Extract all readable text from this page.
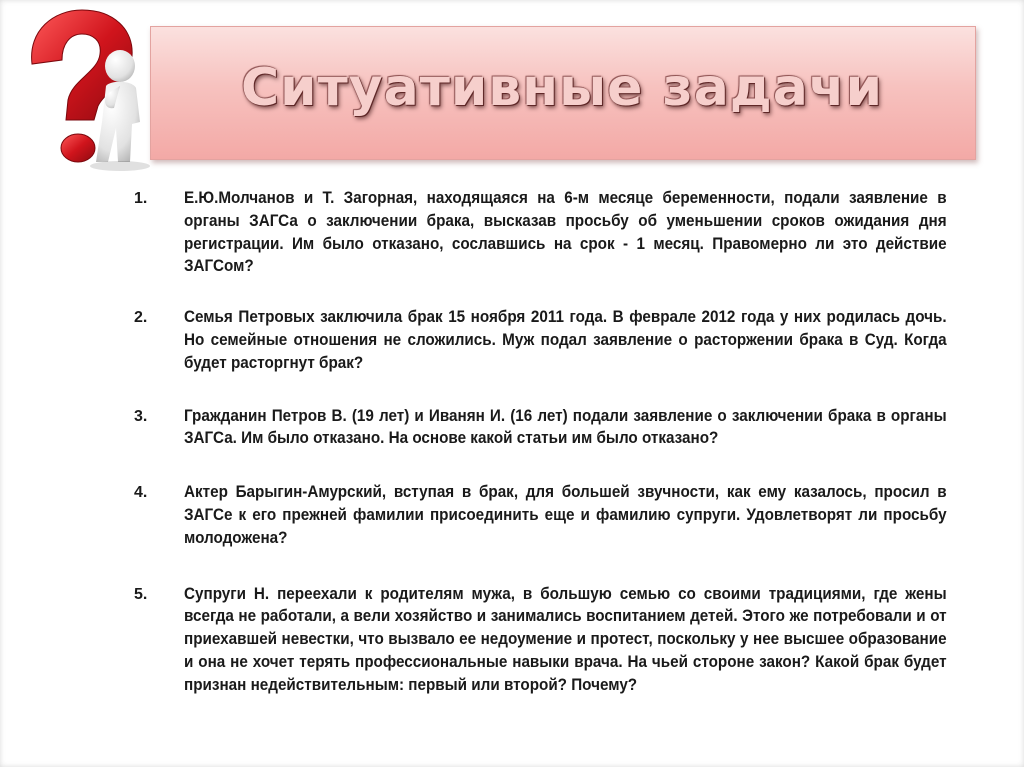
Ситуативные задачи
1.	Е.Ю.Молчанов и Т. Загорная, находящаяся на 6-м месяце беременности, подали заявление в органы ЗАГСа о заключении брака, высказав просьбу об уменьшении сроков ожидания дня регистрации. Им было отказано, сославшись на срок - 1 месяц. Правомерно ли это действие ЗАГСом?
2.	Семья Петровых заключила брак 15 ноября 2011 года. В феврале 2012 года у них родилась дочь. Но семейные отношения не сложились. Муж подал заявление о расторжении брака в Суд. Когда будет расторгнут брак?
3.	Гражданин Петров В. (19 лет) и Иванян И. (16 лет) подали заявление о заключении брака в органы ЗАГСа. Им было отказано. На основе какой статьи им было отказано?
4.	Актер Барыгин-Амурский, вступая в брак, для большей звучности, как ему казалось, просил в ЗАГСе к его прежней фамилии присоединить еще и фамилию супруги. Удовлетворят ли просьбу молодожена?
5.	Супруги Н. переехали к родителям мужа, в большую семью со своими традициями, где жены всегда не работали, а вели хозяйство и занимались воспитанием детей. Этого же потребовали и от приехавшей невестки, что вызвало ее недоумение и протест, поскольку у нее высшее образование и она не хочет терять профессиональные навыки врача. На чьей стороне закон? Какой брак будет признан недействительным: первый или второй? Почему?
